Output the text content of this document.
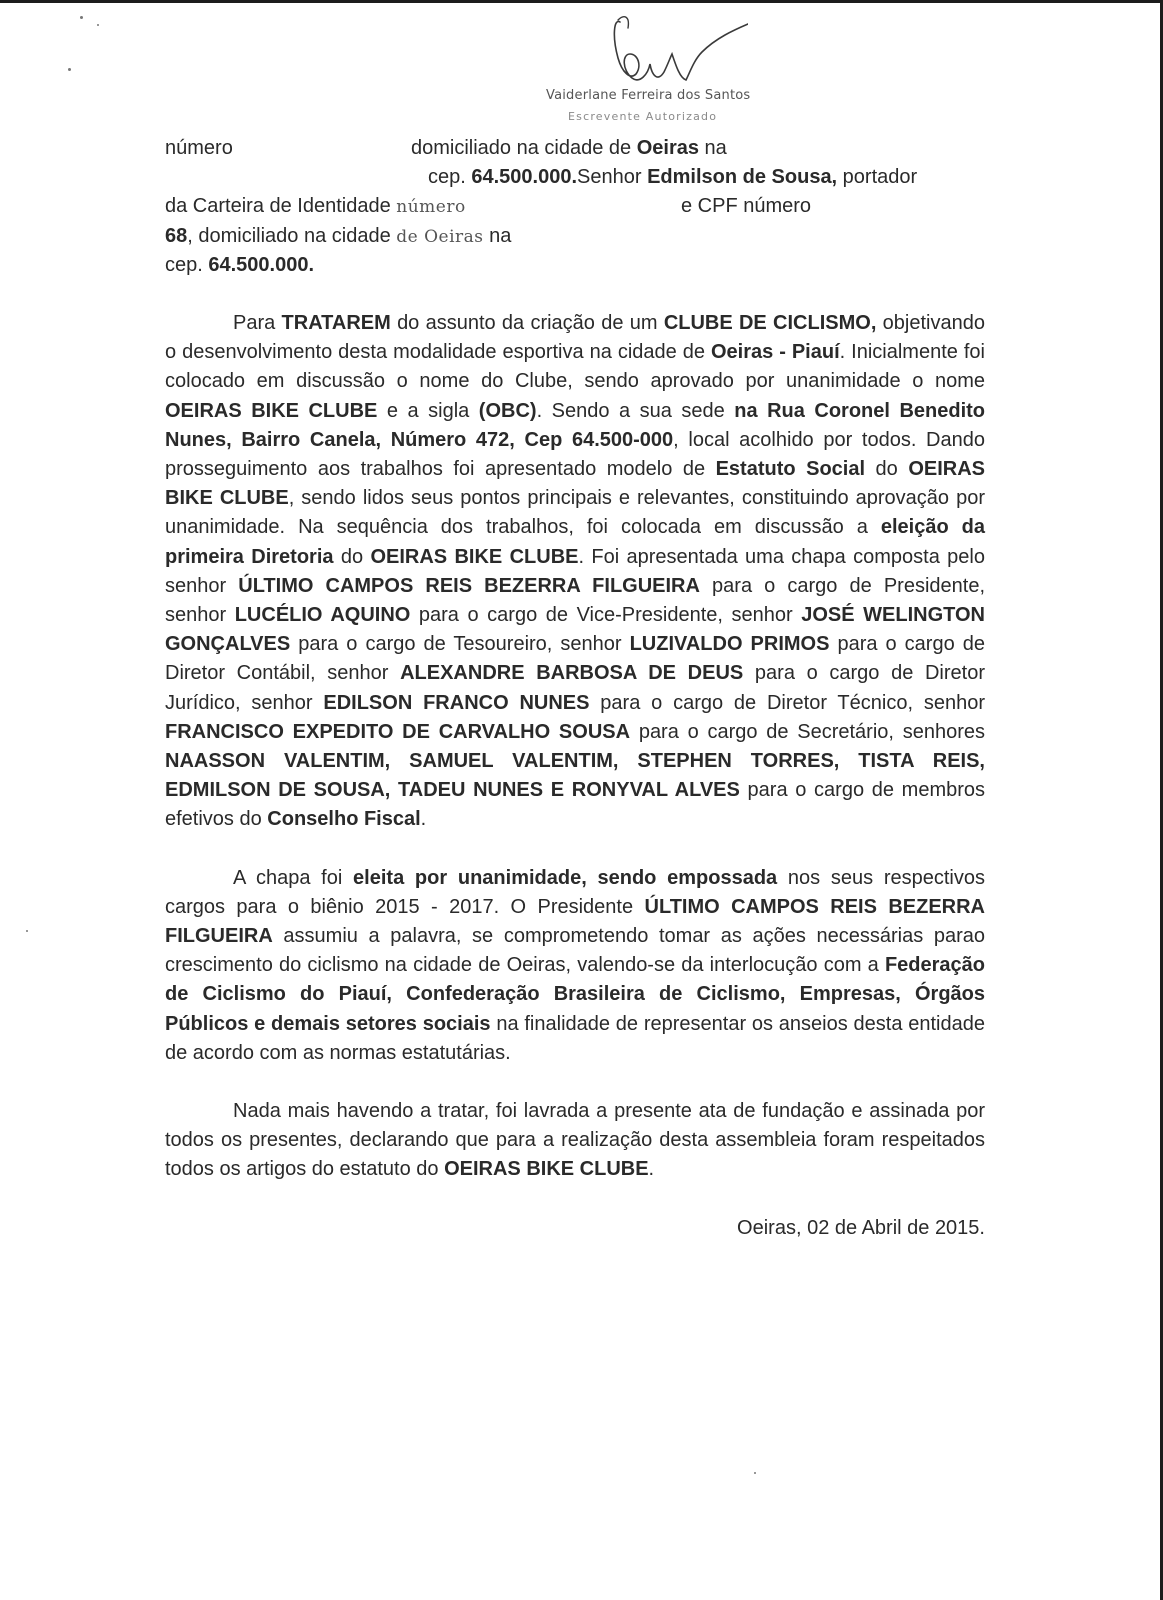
Vaiderlane Ferreira dos Santos
Escrevente Autorizado
número	domiciliado na cidade de Oeiras na
cep. 64.500.000.Senhor Edmilson de Sousa, portador
da Carteira de Identidade número	e CPF número
68, domiciliado na cidade de Oeiras na
cep. 64.500.000.

Para TRATAREM do assunto da criação de um CLUBE DE CICLISMO, objetivando o desenvolvimento desta modalidade esportiva na cidade de Oeiras - Piauí. Inicialmente foi colocado em discussão o nome do Clube, sendo aprovado por unanimidade o nome OEIRAS BIKE CLUBE e a sigla (OBC). Sendo a sua sede na Rua Coronel Benedito Nunes, Bairro Canela, Número 472, Cep 64.500-000, local acolhido por todos. Dando prosseguimento aos trabalhos foi apresentado modelo de Estatuto Social do OEIRAS BIKE CLUBE, sendo lidos seus pontos principais e relevantes, constituindo aprovação por unanimidade. Na sequência dos trabalhos, foi colocada em discussão a eleição da primeira Diretoria do OEIRAS BIKE CLUBE. Foi apresentada uma chapa composta pelo senhor ÚLTIMO CAMPOS REIS BEZERRA FILGUEIRA para o cargo de Presidente, senhor LUCÉLIO AQUINO para o cargo de Vice-Presidente, senhor JOSÉ WELINGTON GONÇALVES para o cargo de Tesoureiro, senhor LUZIVALDO PRIMOS para o cargo de Diretor Contábil, senhor ALEXANDRE BARBOSA DE DEUS para o cargo de Diretor Jurídico, senhor EDILSON FRANCO NUNES para o cargo de Diretor Técnico, senhor FRANCISCO EXPEDITO DE CARVALHO SOUSA para o cargo de Secretário, senhores NAASSON VALENTIM, SAMUEL VALENTIM, STEPHEN TORRES, TISTA REIS, EDMILSON DE SOUSA, TADEU NUNES E RONYVAL ALVES para o cargo de membros efetivos do Conselho Fiscal.

A chapa foi eleita por unanimidade, sendo empossada nos seus respectivos cargos para o biênio 2015 - 2017. O Presidente ÚLTIMO CAMPOS REIS BEZERRA FILGUEIRA assumiu a palavra, se comprometendo tomar as ações necessárias parao crescimento do ciclismo na cidade de Oeiras, valendo-se da interlocução com a Federação de Ciclismo do Piauí, Confederação Brasileira de Ciclismo, Empresas, Órgãos Públicos e demais setores sociais na finalidade de representar os anseios desta entidade de acordo com as normas estatutárias.

Nada mais havendo a tratar, foi lavrada a presente ata de fundação e assinada por todos os presentes, declarando que para a realização desta assembleia foram respeitados todos os artigos do estatuto do OEIRAS BIKE CLUBE.

Oeiras, 02 de Abril de 2015.
